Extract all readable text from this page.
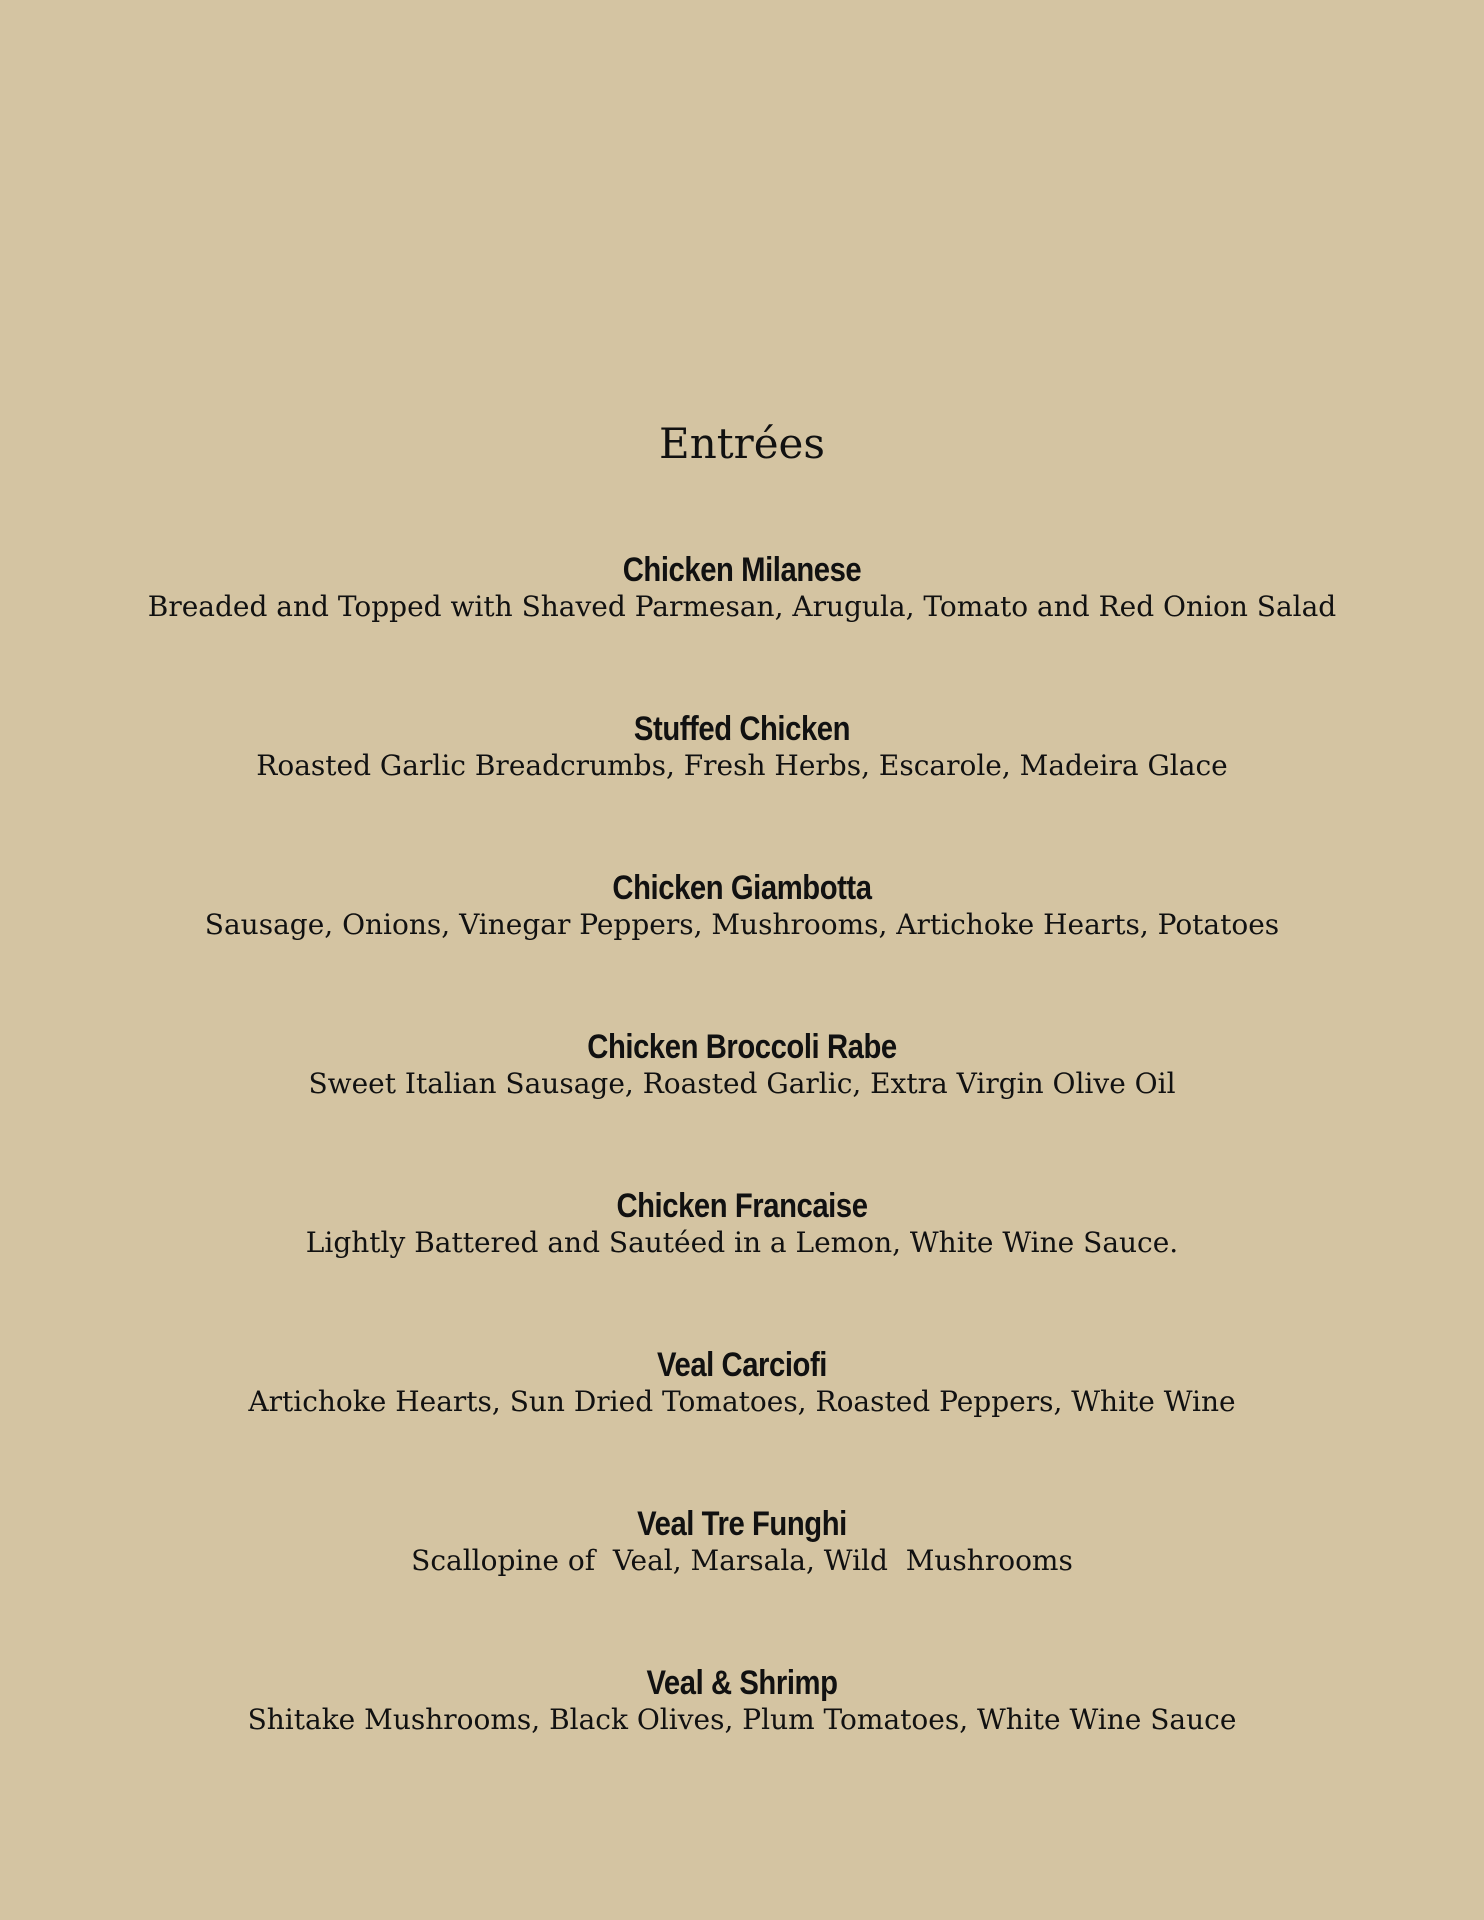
Entrées
Chicken Milanese
Breaded and Topped with Shaved Parmesan, Arugula, Tomato and Red Onion Salad
Stuffed Chicken
Roasted Garlic Breadcrumbs, Fresh Herbs, Escarole, Madeira Glace
Chicken Giambotta
Sausage, Onions, Vinegar Peppers, Mushrooms, Artichoke Hearts, Potatoes
Chicken Broccoli Rabe
Sweet Italian Sausage, Roasted Garlic, Extra Virgin Olive Oil
Chicken Francaise
Lightly Battered and Sautéed in a Lemon, White Wine Sauce.
Veal Carciofi
Artichoke Hearts, Sun Dried Tomatoes, Roasted Peppers, White Wine
Veal Tre Funghi
Scallopine of  Veal, Marsala, Wild  Mushrooms
Veal & Shrimp
Shitake Mushrooms, Black Olives, Plum Tomatoes, White Wine Sauce
